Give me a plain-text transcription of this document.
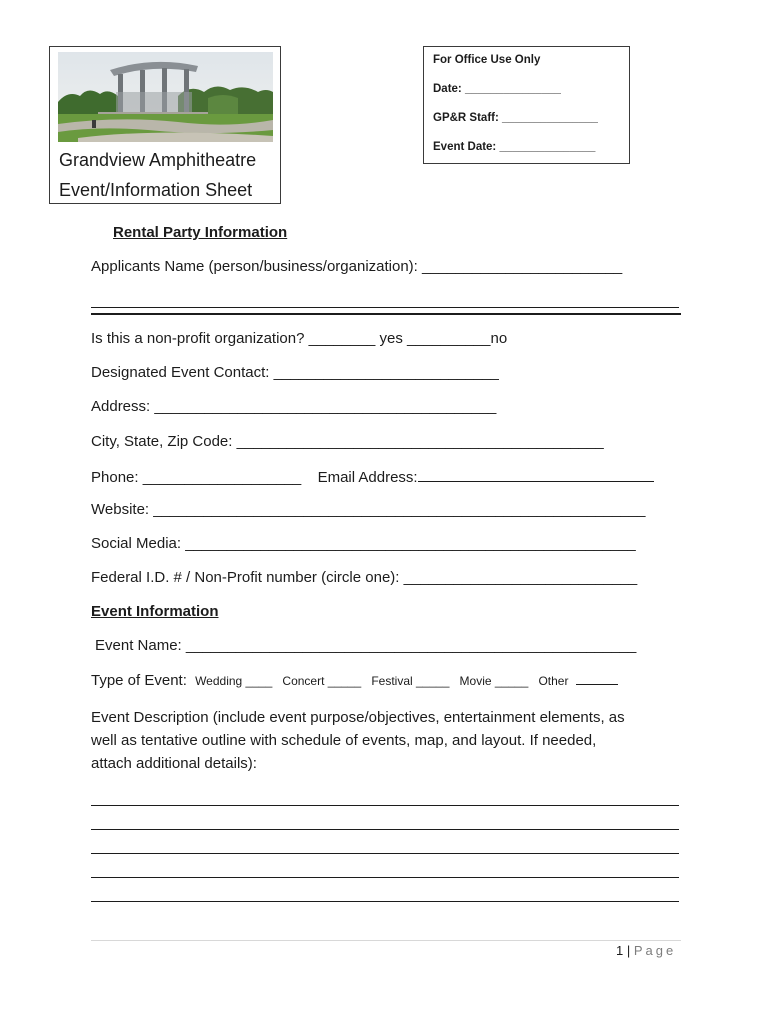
Grandview Amphitheatre
Event/Information Sheet
For Office Use Only
Date: _______________
GP&R Staff: _______________
Event Date: _______________
Rental Party Information
Applicants Name (person/business/organization): ________________________
Is this a non-profit organization? ________ yes __________no
Designated Event Contact: ___________________________
Address: _________________________________________
City, State, Zip Code: ____________________________________________
Phone: ___________________ Email Address:
Website: ___________________________________________________________
Social Media: ______________________________________________________
Federal I.D. # / Non-Profit number (circle one): ____________________________
Event Information
Event Name: ______________________________________________________
Type of Event: Wedding ____ Concert _____ Festival _____ Movie _____ Other
Event Description (include event purpose/objectives, entertainment elements, as
well as tentative outline with schedule of events, map, and layout. If needed,
attach additional details):
1 | Page
